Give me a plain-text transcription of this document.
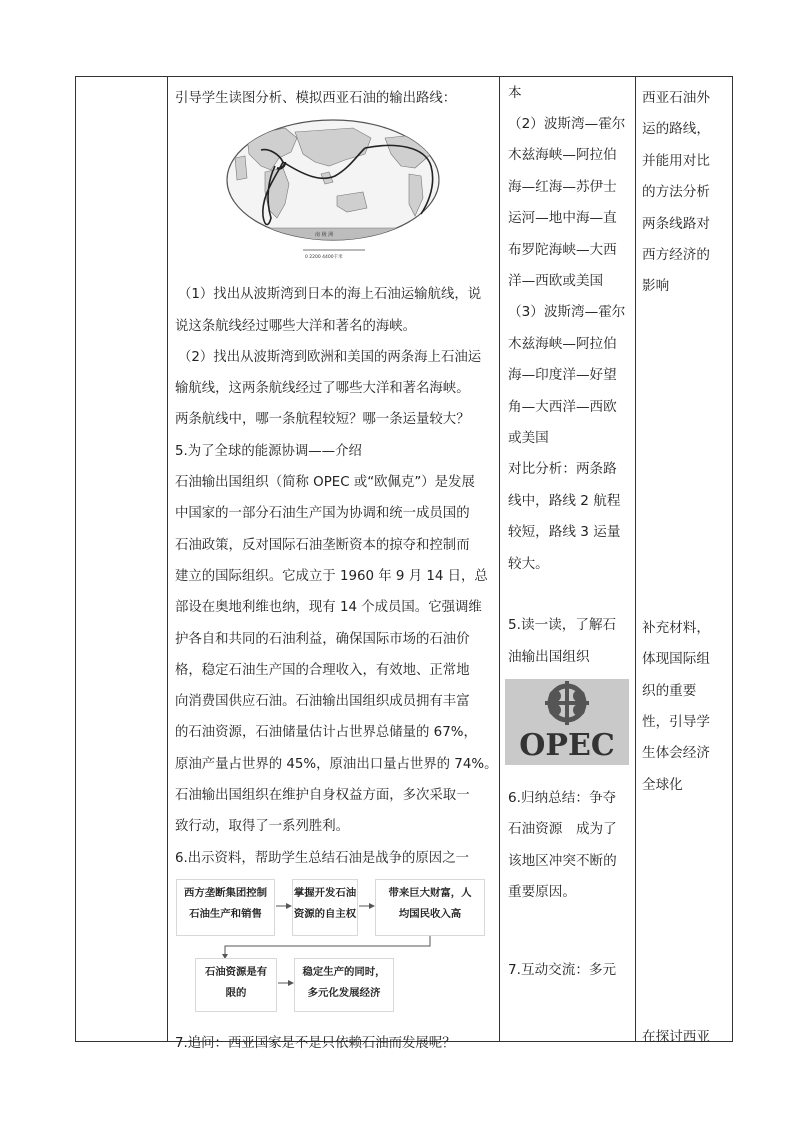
引导学生读图分析、模拟西亚石油的输出路线：

南 极 洲
0 2200 4400千米

（1）找出从波斯湾到日本的海上石油运输航线，说

说这条航线经过哪些大洋和著名的海峡。

（2）找出从波斯湾到欧洲和美国的两条海上石油运

输航线，这两条航线经过了哪些大洋和著名海峡。

两条航线中，哪一条航程较短？哪一条运量较大？

5.为了全球的能源协调——介绍

石油输出国组织（简称 OPEC 或“欧佩克”）是发展

中国家的一部分石油生产国为协调和统一成员国的

石油政策，反对国际石油垄断资本的掠夺和控制而

建立的国际组织。它成立于 1960 年 9 月 14 日，总

部设在奥地利维也纳，现有 14 个成员国。它强调维

护各自和共同的石油利益，确保国际市场的石油价

格，稳定石油生产国的合理收入，有效地、正常地

向消费国供应石油。石油输出国组织成员拥有丰富

的石油资源，石油储量估计占世界总储量的 67%，

原油产量占世界的 45%，原油出口量占世界的 74%。

石油输出国组织在维护自身权益方面，多次采取一

致行动，取得了一系列胜利。

6.出示资料，帮助学生总结石油是战争的原因之一

西方垄断集团控制
石油生产和销售
掌握开发石油
资源的自主权
带来巨大财富，人
均国民收入高
石油资源是有
限的
稳定生产的同时，
多元化发展经济

7.追问：西亚国家是不是只依赖石油而发展呢？

本

（2）波斯湾—霍尔

木兹海峡—阿拉伯

海—红海—苏伊士

运河—地中海—直

布罗陀海峡—大西

洋—西欧或美国

（3）波斯湾—霍尔

木兹海峡—阿拉伯

海—印度洋—好望

角—大西洋—西欧

或美国

对比分析：两条路

线中，路线 2 航程

较短，路线 3 运量

较大。

5.读一读，了解石

油输出国组织

OPEC

6.归纳总结：争夺

石油资源　成为了

该地区冲突不断的

重要原因。

7.互动交流：多元

西亚石油外

运的路线，

并能用对比

的方法分析

两条线路对

西方经济的

影响

补充材料，

体现国际组

织的重要

性，引导学

生体会经济

全球化

在探讨西亚
